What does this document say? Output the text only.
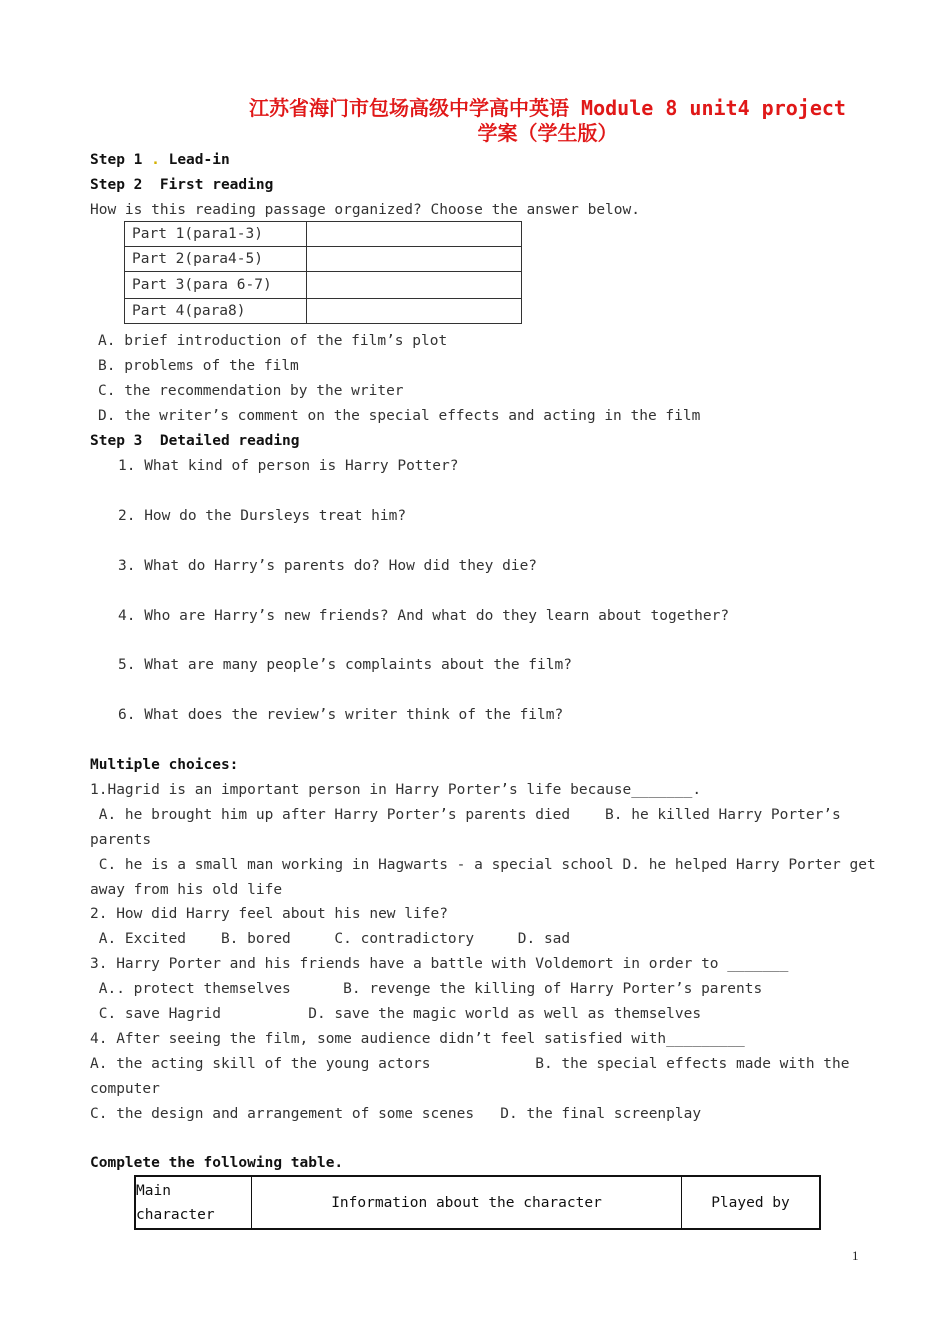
江苏省海门市包场高级中学高中英语 Module 8 unit4 project
学案（学生版）
Step 1 . Lead-in
Step 2  First reading
How is this reading passage organized? Choose the answer below.
Part 1(para1-3)	
Part 2(para4-5)	
Part 3(para 6-7)	
Part 4(para8)	
A. brief introduction of the film’s plot
B. problems of the film
C. the recommendation by the writer
D. the writer’s comment on the special effects and acting in the film
Step 3  Detailed reading
1. What kind of person is Harry Potter?
2. How do the Dursleys treat him?
3. What do Harry’s parents do? How did they die?
4. Who are Harry’s new friends? And what do they learn about together?
5. What are many people’s complaints about the film?
6. What does the review’s writer think of the film?
Multiple choices:
1.Hagrid is an important person in Harry Porter’s life because_______.
A. he brought him up after Harry Porter’s parents died    B. he killed Harry Porter’s
parents
C. he is a small man working in Hagwarts - a special school D. he helped Harry Porter get
away from his old life
2. How did Harry feel about his new life?
A. Excited    B. bored     C. contradictory     D. sad
3. Harry Porter and his friends have a battle with Voldemort in order to _______
A.. protect themselves      B. revenge the killing of Harry Porter’s parents
C. save Hagrid          D. save the magic world as well as themselves
4. After seeing the film, some audience didn’t feel satisfied with_________
A. the acting skill of the young actors            B. the special effects made with the
computer
C. the design and arrangement of some scenes   D. the final screenplay
Complete the following table.
Main
character
	Information about the character	Played by
1
